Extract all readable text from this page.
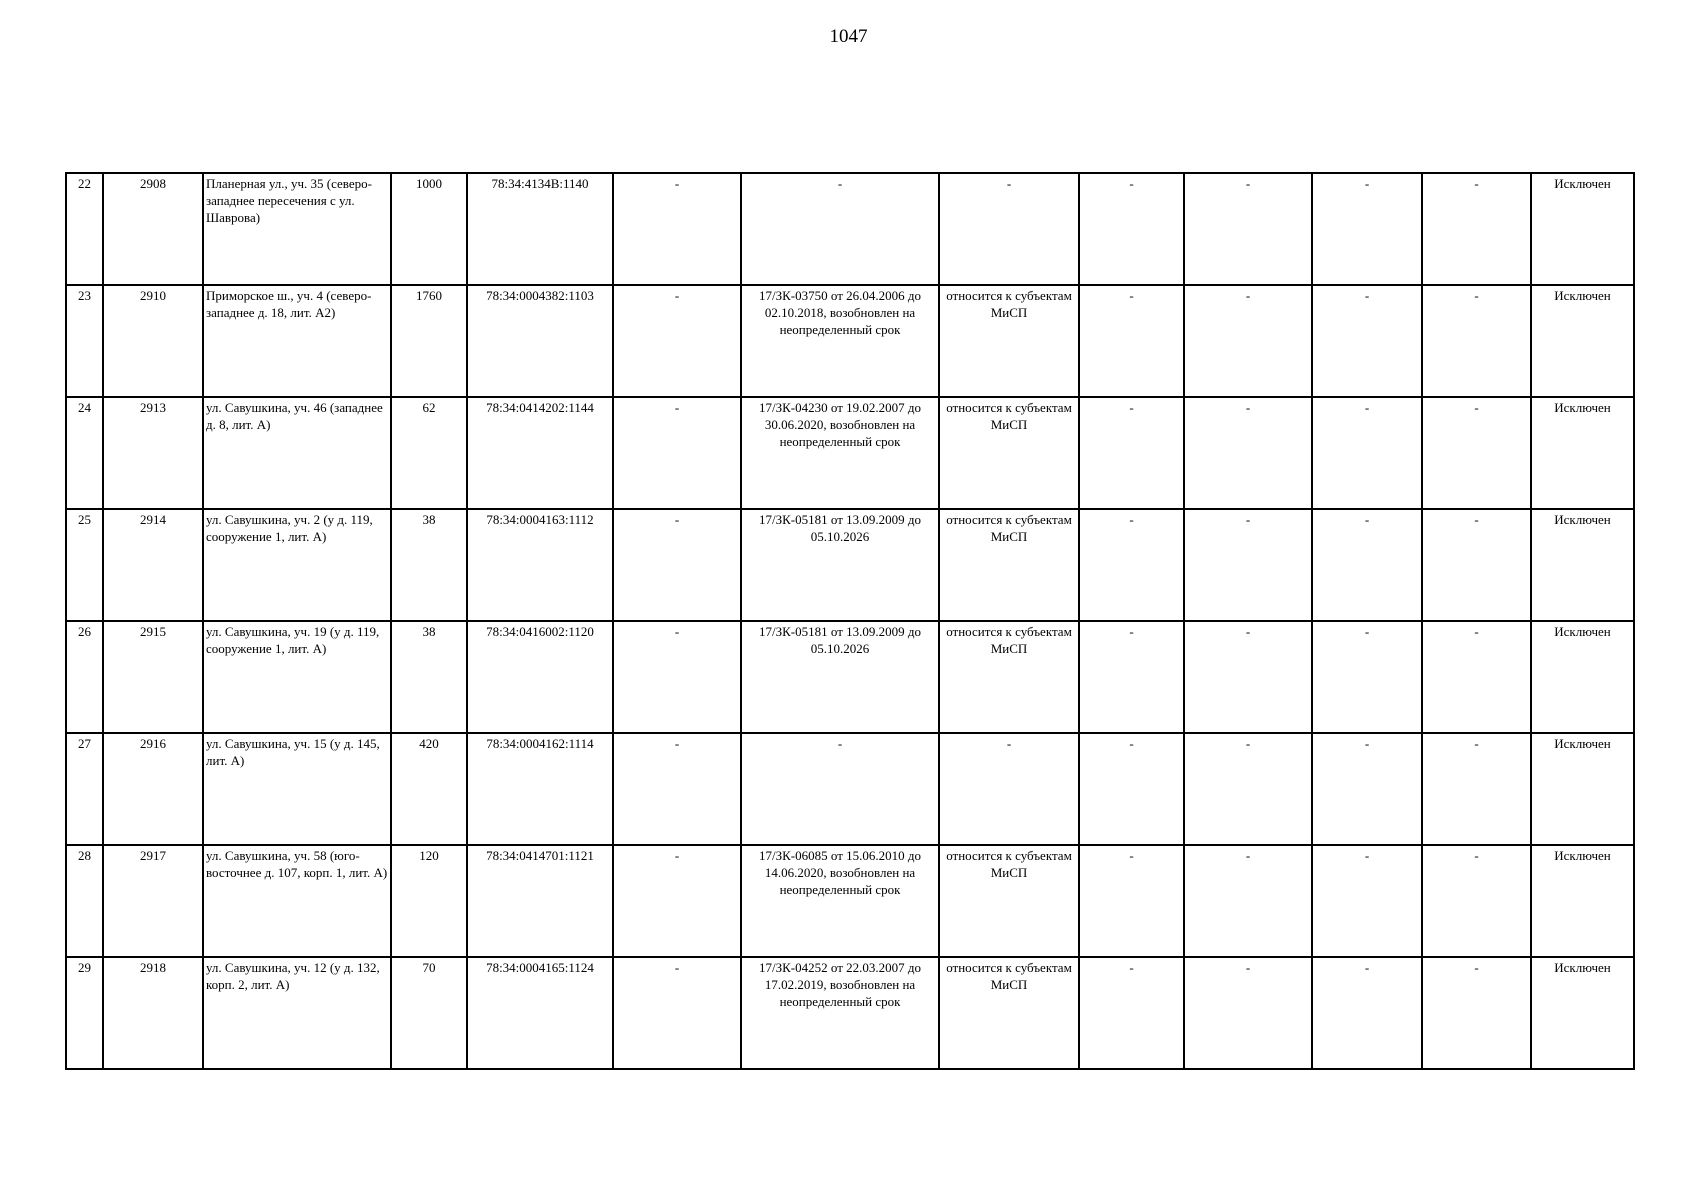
1047
22	2908	Планерная ул., уч. 35 (северо-западнее пересечения с ул. Шаврова)	1000	78:34:4134В:1140	-	-	-	-	-	-	-	Исключен
23	2910	Приморское ш., уч. 4 (северо-западнее д. 18, лит. А2)	1760	78:34:0004382:1103	-	17/ЗК-03750 от 26.04.2006 до 02.10.2018, возобновлен на неопределенный срок	относится к субъектам МиСП	-	-	-	-	Исключен
24	2913	ул. Савушкина, уч. 46 (западнее д. 8, лит. А)	62	78:34:0414202:1144	-	17/ЗК-04230 от 19.02.2007 до 30.06.2020, возобновлен на неопределенный срок	относится к субъектам МиСП	-	-	-	-	Исключен
25	2914	ул. Савушкина, уч. 2 (у д. 119, сооружение 1, лит. А)	38	78:34:0004163:1112	-	17/ЗК-05181 от 13.09.2009 до 05.10.2026	относится к субъектам МиСП	-	-	-	-	Исключен
26	2915	ул. Савушкина, уч. 19 (у д. 119, сооружение 1, лит. А)	38	78:34:0416002:1120	-	17/ЗК-05181 от 13.09.2009 до 05.10.2026	относится к субъектам МиСП	-	-	-	-	Исключен
27	2916	ул. Савушкина, уч. 15 (у д. 145, лит. А)	420	78:34:0004162:1114	-	-	-	-	-	-	-	Исключен
28	2917	ул. Савушкина, уч. 58 (юго-восточнее д. 107, корп. 1, лит. А)	120	78:34:0414701:1121	-	17/ЗК-06085 от 15.06.2010 до 14.06.2020, возобновлен на неопределенный срок	относится к субъектам МиСП	-	-	-	-	Исключен
29	2918	ул. Савушкина, уч. 12 (у д. 132, корп. 2, лит. А)	70	78:34:0004165:1124	-	17/ЗК-04252 от 22.03.2007 до 17.02.2019, возобновлен на неопределенный срок	относится к субъектам МиСП	-	-	-	-	Исключен
